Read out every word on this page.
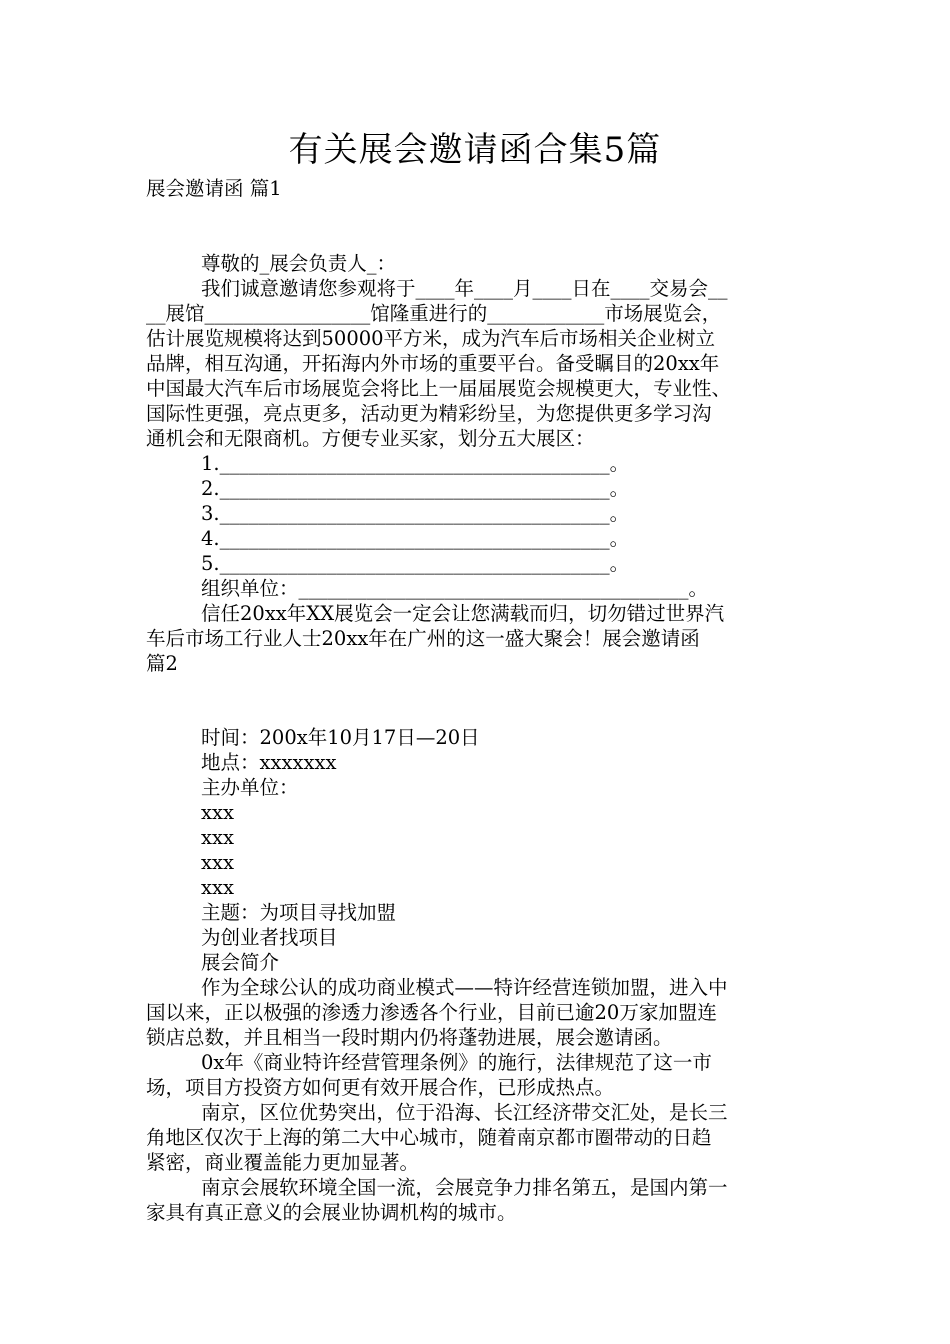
有关展会邀请函合集5篇
展会邀请函 篇1
尊敬的_展会负责人_：
我们诚意邀请您参观将于____年____月____日在____交易会__
__展馆_________________馆隆重进行的____________市场展览会，
估计展览规模将达到50000平方米，成为汽车后市场相关企业树立
品牌，相互沟通，开拓海内外市场的重要平台。备受瞩目的20xx年
中国最大汽车后市场展览会将比上一届届展览会规模更大，专业性、
国际性更强，亮点更多，活动更为精彩纷呈，为您提供更多学习沟
通机会和无限商机。方便专业买家，划分五大展区：
1.________________________________________。
2.________________________________________。
3.________________________________________。
4.________________________________________。
5.________________________________________。
组织单位：________________________________________。
信任20xx年XX展览会一定会让您满载而归，切勿错过世界汽
车后市场工行业人士20xx年在广州的这一盛大聚会！展会邀请函
篇2
时间：200x年10月17日—20日
地点：xxxxxxx
主办单位：
xxx
xxx
xxx
xxx
主题：为项目寻找加盟
为创业者找项目
展会简介
作为全球公认的成功商业模式——特许经营连锁加盟，进入中
国以来，正以极强的渗透力渗透各个行业，目前已逾20万家加盟连
锁店总数，并且相当一段时期内仍将蓬勃进展，展会邀请函。
0x年《商业特许经营管理条例》的施行，法律规范了这一市
场，项目方投资方如何更有效开展合作，已形成热点。
南京，区位优势突出，位于沿海、长江经济带交汇处，是长三
角地区仅次于上海的第二大中心城市，随着南京都市圈带动的日趋
紧密，商业覆盖能力更加显著。
南京会展软环境全国一流，会展竞争力排名第五，是国内第一
家具有真正意义的会展业协调机构的城市。
